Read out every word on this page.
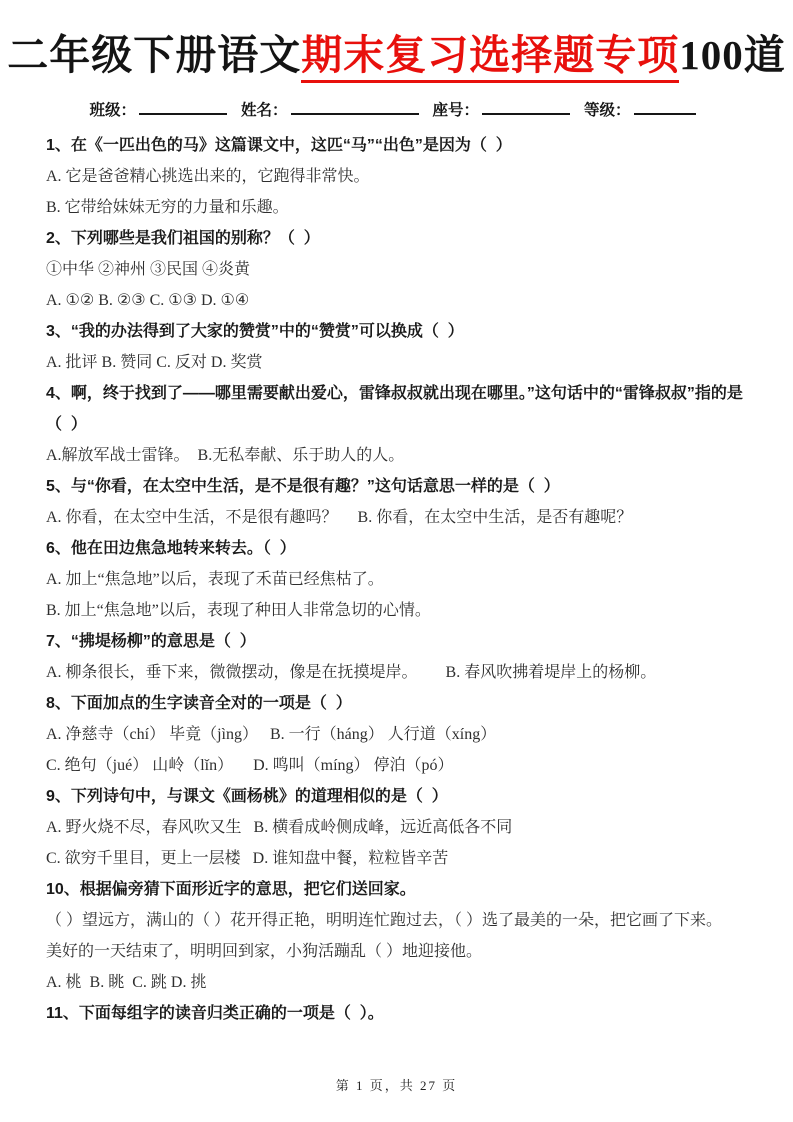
二年级下册语文期末复习选择题专项100道
班级：	姓名：	座号：	等级：
1、在《一匹出色的马》这篇课文中，这匹“马”“出色”是因为（  ）
A. 它是爸爸精心挑选出来的，它跑得非常快。
B. 它带给妹妹无穷的力量和乐趣。
2、下列哪些是我们祖国的别称？（  ）
①中华 ②神州 ③民国 ④炎黄
A. ①② B. ②③ C. ①③ D. ①④
3、“我的办法得到了大家的赞赏”中的“赞赏”可以换成（  ）
A. 批评 B. 赞同 C. 反对 D. 奖赏
4、啊，终于找到了——哪里需要献出爱心，雷锋叔叔就出现在哪里。”这句话中的“雷锋叔叔”指的是（  ）
A.解放军战士雷锋。  B.无私奉献、乐于助人的人。
5、与“你看，在太空中生活，是不是很有趣？”这句话意思一样的是（  ）
A. 你看，在太空中生活，不是很有趣吗？     B. 你看，在太空中生活，是否有趣呢？
6、他在田边焦急地转来转去。（  ）
A. 加上“焦急地”以后，表现了禾苗已经焦枯了。
B. 加上“焦急地”以后，表现了种田人非常急切的心情。
7、“拂堤杨柳”的意思是（  ）
A. 柳条很长，垂下来，微微摆动，像是在抚摸堤岸。       B. 春风吹拂着堤岸上的杨柳。
8、下面加点的生字读音全对的一项是（  ）
A. 净慈寺（chí） 毕竟（jìng）   B. 一行（háng） 人行道（xíng）
C. 绝句（jué） 山岭（lǐn）     D. 鸣叫（míng） 停泊（pó）
9、下列诗句中，与课文《画杨桃》的道理相似的是（  ）
A. 野火烧不尽，春风吹又生   B. 横看成岭侧成峰，远近高低各不同
C. 欲穷千里目，更上一层楼   D. 谁知盘中餐，粒粒皆辛苦
10、根据偏旁猜下面形近字的意思，把它们送回家。
（ ）望远方，满山的（ ）花开得正艳，明明连忙跑过去，（ ）选了最美的一朵，把它画了下来。
美好的一天结束了，明明回到家，小狗活蹦乱（ ）地迎接他。
A. 桃  B. 眺  C. 跳 D. 挑
11、下面每组字的读音归类正确的一项是（  ）。
第 1 页，共 27 页
